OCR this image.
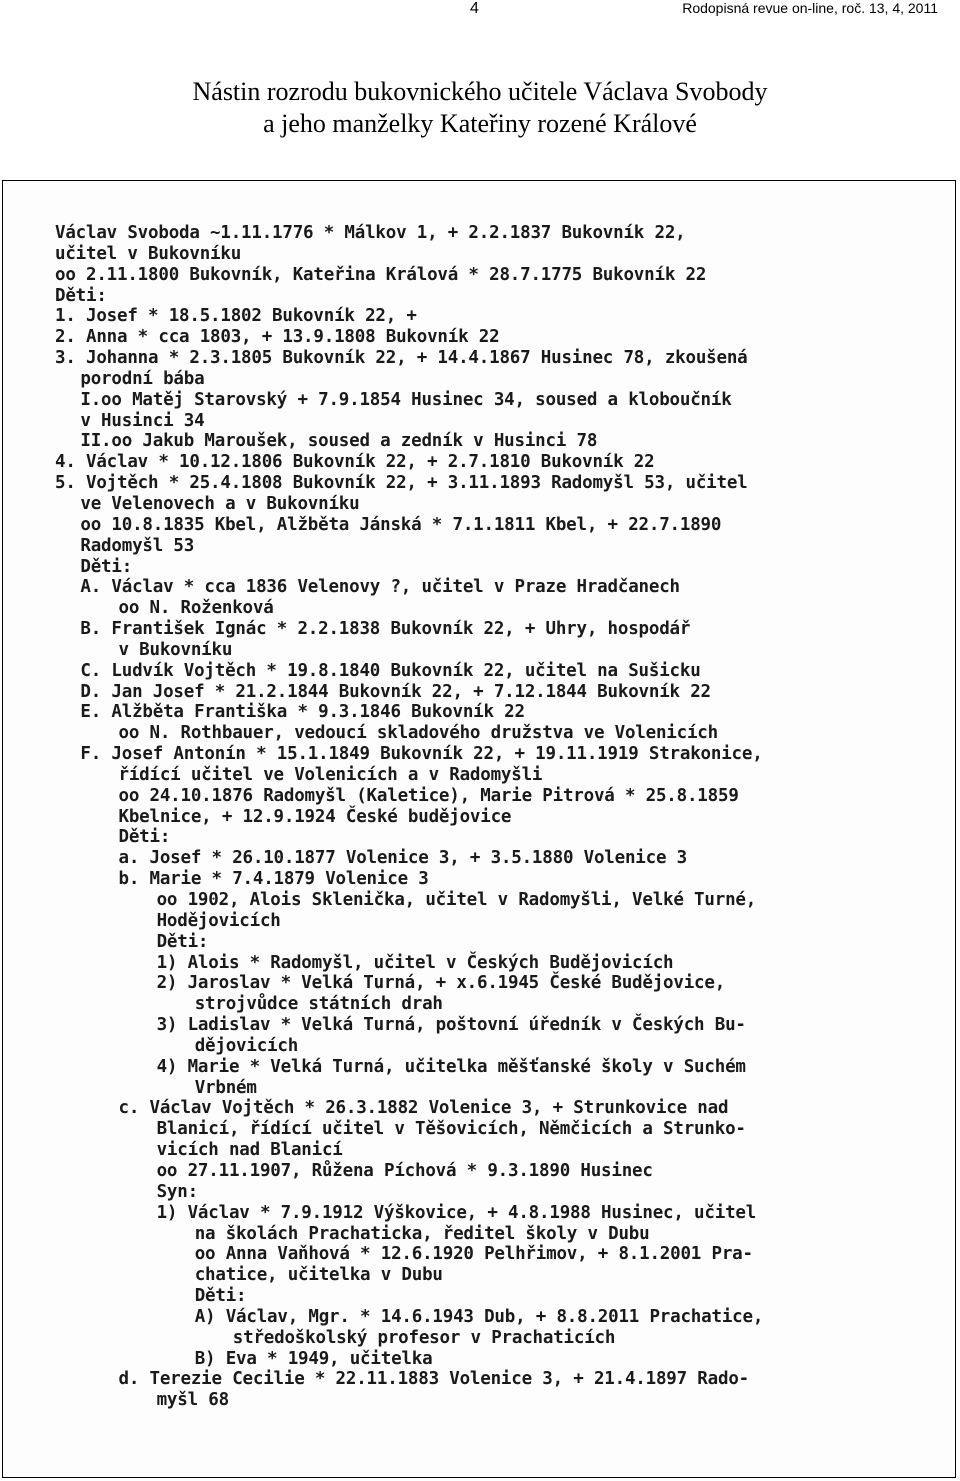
4	Rodopisná revue on-line, roč. 13, 4, 2011
Nástin rozrodu bukovnického učitele Václava Svobody
a jeho manželky Kateřiny rozené Králové
Václav Svoboda ~1.11.1776 * Málkov 1, + 2.2.1837 Bukovník 22,
učitel v Bukovníku
oo 2.11.1800 Bukovník, Kateřina Králová * 28.7.1775 Bukovník 22
Děti:
1. Josef * 18.5.1802 Bukovník 22, +
2. Anna * cca 1803, + 13.9.1808 Bukovník 22
3. Johanna * 2.3.1805 Bukovník 22, + 14.4.1867 Husinec 78, zkoušená
porodní bába
I.oo Matěj Starovský + 7.9.1854 Husinec 34, soused a kloboučník
v Husinci 34
II.oo Jakub Maroušek, soused a zedník v Husinci 78
4. Václav * 10.12.1806 Bukovník 22, + 2.7.1810 Bukovník 22
5. Vojtěch * 25.4.1808 Bukovník 22, + 3.11.1893 Radomyšl 53, učitel
ve Velenovech a v Bukovníku
oo 10.8.1835 Kbel, Alžběta Jánská * 7.1.1811 Kbel, + 22.7.1890
Radomyšl 53
Děti:
A. Václav * cca 1836 Velenovy ?, učitel v Praze Hradčanech
oo N. Roženková
B. František Ignác * 2.2.1838 Bukovník 22, + Uhry, hospodář
v Bukovníku
C. Ludvík Vojtěch * 19.8.1840 Bukovník 22, učitel na Sušicku
D. Jan Josef * 21.2.1844 Bukovník 22, + 7.12.1844 Bukovník 22
E. Alžběta Františka * 9.3.1846 Bukovník 22
oo N. Rothbauer, vedoucí skladového družstva ve Volenicích
F. Josef Antonín * 15.1.1849 Bukovník 22, + 19.11.1919 Strakonice,
řídící učitel ve Volenicích a v Radomyšli
oo 24.10.1876 Radomyšl (Kaletice), Marie Pitrová * 25.8.1859
Kbelnice, + 12.9.1924 České budějovice
Děti:
a. Josef * 26.10.1877 Volenice 3, + 3.5.1880 Volenice 3
b. Marie * 7.4.1879 Volenice 3
oo 1902, Alois Sklenička, učitel v Radomyšli, Velké Turné,
Hodějovicích
Děti:
1) Alois * Radomyšl, učitel v Českých Budějovicích
2) Jaroslav * Velká Turná, + x.6.1945 České Budějovice,
strojvůdce státních drah
3) Ladislav * Velká Turná, poštovní úředník v Českých Bu-
dějovicích
4) Marie * Velká Turná, učitelka měšťanské školy v Suchém
Vrbném
c. Václav Vojtěch * 26.3.1882 Volenice 3, + Strunkovice nad
Blanicí, řídící učitel v Těšovicích, Němčicích a Strunko-
vicích nad Blanicí
oo 27.11.1907, Růžena Píchová * 9.3.1890 Husinec
Syn:
1) Václav * 7.9.1912 Výškovice, + 4.8.1988 Husinec, učitel
na školách Prachaticka, ředitel školy v Dubu
oo Anna Vaňhová * 12.6.1920 Pelhřimov, + 8.1.2001 Pra-
chatice, učitelka v Dubu
Děti:
A) Václav, Mgr. * 14.6.1943 Dub, + 8.8.2011 Prachatice,
středoškolský profesor v Prachaticích
B) Eva * 1949, učitelka
d. Terezie Cecilie * 22.11.1883 Volenice 3, + 21.4.1897 Rado-
myšl 68
